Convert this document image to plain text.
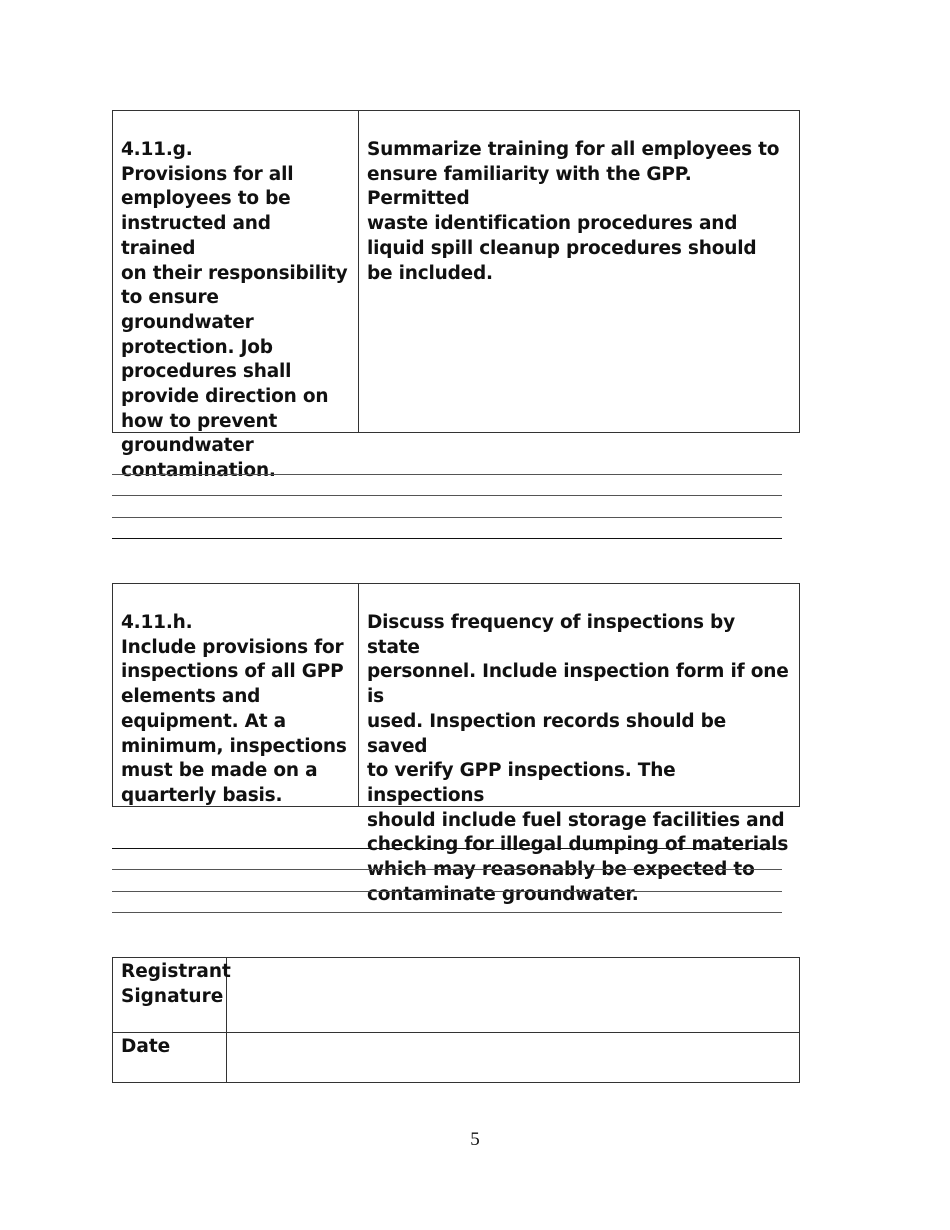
4.11.g.
Provisions for all
employees to be
instructed and trained
on their responsibility
to ensure groundwater
protection. Job
procedures shall
provide direction on
how to prevent
groundwater
contamination.
Summarize training for all employees to
ensure familiarity with the GPP. Permitted
waste identification procedures and
liquid spill cleanup procedures should
be included.
4.11.h.
Include provisions for
inspections of all GPP
elements and
equipment. At a
minimum, inspections
must be made on a
quarterly basis.
Discuss frequency of inspections by state
personnel. Include inspection form if one is
used. Inspection records should be saved
to verify GPP inspections. The inspections
should include fuel storage facilities and
checking for illegal dumping of materials
which may reasonably be expected to
contaminate groundwater.
Registrant
Signature
Date
5
